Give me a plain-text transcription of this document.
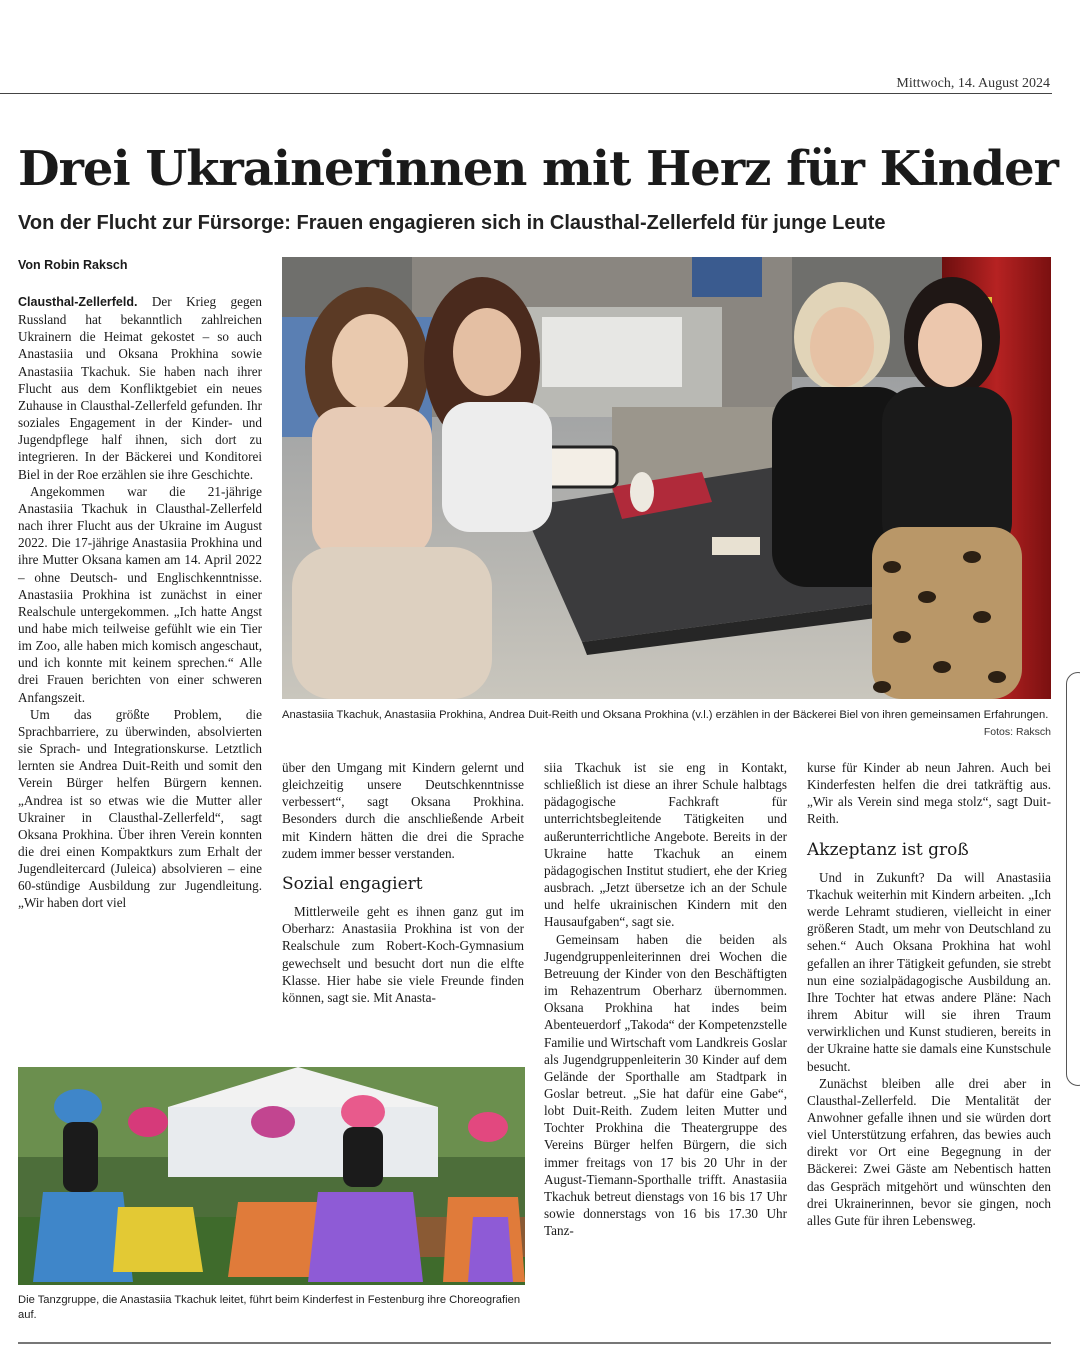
Mittwoch, 14. August 2024
Drei Ukrainerinnen mit Herz für Kinder
Von der Flucht zur Fürsorge: Frauen engagieren sich in Clausthal-Zellerfeld für junge Leute
Von Robin Raksch

Clausthal-Zellerfeld. Der Krieg gegen Russland hat bekanntlich zahlreichen Ukrainern die Heimat gekostet – so auch Anastasiia und Oksana Prokhina sowie Anastasiia Tkachuk. Sie haben nach ihrer Flucht aus dem Konfliktgebiet ein neues Zuhause in Clausthal-Zellerfeld gefunden. Ihr soziales Engagement in der Kinder- und Jugendpflege half ihnen, sich dort zu integrieren. In der Bäckerei und Konditorei Biel in der Roe erzählen sie ihre Geschichte.

Angekommen war die 21-jährige Anastasiia Tkachuk in Clausthal-Zellerfeld nach ihrer Flucht aus der Ukraine im August 2022. Die 17-jährige Anastasiia Prokhina und ihre Mutter Oksana kamen am 14. April 2022 – ohne Deutsch- und Englischkenntnisse. Anastasiia Prokhina ist zunächst in einer Realschule untergekommen. „Ich hatte Angst und habe mich teilweise gefühlt wie ein Tier im Zoo, alle haben mich komisch angeschaut, und ich konnte mit keinem sprechen.“ Alle drei Frauen berichten von einer schweren Anfangszeit.

Um das größte Problem, die Sprachbarriere, zu überwinden, absolvierten sie Sprach- und Integrationskurse. Letztlich lernten sie Andrea Duit-Reith und somit den Verein Bürger helfen Bürgern kennen. „Andrea ist so etwas wie die Mutter aller Ukrainer in Clausthal-Zellerfeld“, sagt Oksana Prokhina. Über ihren Verein konnten die drei einen Kompaktkurs zum Erhalt der Jugendleitercard (Juleica) absolvieren – eine 60-stündige Ausbildung zur Jugendleitung. „Wir haben dort viel

Anastasiia Tkachuk, Anastasiia Prokhina, Andrea Duit-Reith und Oksana Prokhina (v.l.) erzählen in der Bäckerei Biel von ihren gemeinsamen Erfahrungen.
Fotos: Raksch

über den Umgang mit Kindern gelernt und gleichzeitig unsere Deutschkenntnisse verbessert“, sagt Oksana Prokhina. Besonders durch die anschließende Arbeit mit Kindern hätten die drei die Sprache zudem immer besser verstanden.

Sozial engagiert

Mittlerweile geht es ihnen ganz gut im Oberharz: Anastasiia Prokhina ist von der Realschule zum Robert-Koch-Gymnasium gewechselt und besucht dort nun die elfte Klasse. Hier habe sie viele Freunde finden können, sagt sie. Mit Anasta-

siia Tkachuk ist sie eng in Kontakt, schließlich ist diese an ihrer Schule halbtags pädagogische Fachkraft für unterrichtsbegleitende Tätigkeiten und außerunterrichtliche Angebote. Bereits in der Ukraine hatte Tkachuk an einem pädagogischen Institut studiert, ehe der Krieg ausbrach. „Jetzt übersetze ich an der Schule und helfe ukrainischen Kindern mit den Hausaufgaben“, sagt sie.

Gemeinsam haben die beiden als Jugendgruppenleiterinnen drei Wochen die Betreuung der Kinder von den Beschäftigten im Rehazentrum Oberharz übernommen. Oksana Prokhina hat indes beim Abenteuerdorf „Takoda“ der Kompetenzstelle Familie und Wirtschaft vom Landkreis Goslar als Jugendgruppenleiterin 30 Kinder auf dem Gelände der Sporthalle am Stadtpark in Goslar betreut. „Sie hat dafür eine Gabe“, lobt Duit-Reith. Zudem leiten Mutter und Tochter Prokhina die Theatergruppe des Vereins Bürger helfen Bürgern, die sich immer freitags von 17 bis 20 Uhr in der August-Tiemann-Sporthalle trifft. Anastasiia Tkachuk betreut dienstags von 16 bis 17 Uhr sowie donnerstags von 16 bis 17.30 Uhr Tanz-

kurse für Kinder ab neun Jahren. Auch bei Kinderfesten helfen die drei tatkräftig aus. „Wir als Verein sind mega stolz“, sagt Duit-Reith.

Akzeptanz ist groß

Und in Zukunft? Da will Anastasiia Tkachuk weiterhin mit Kindern arbeiten. „Ich werde Lehramt studieren, vielleicht in einer größeren Stadt, um mehr von Deutschland zu sehen.“ Auch Oksana Prokhina hat wohl gefallen an ihrer Tätigkeit gefunden, sie strebt nun eine sozialpädagogische Ausbildung an. Ihre Tochter hat etwas andere Pläne: Nach ihrem Abitur will sie ihren Traum verwirklichen und Kunst studieren, bereits in der Ukraine hatte sie damals eine Kunstschule besucht.

Zunächst bleiben alle drei aber in Clausthal-Zellerfeld. Die Mentalität der Anwohner gefalle ihnen und sie würden dort viel Unterstützung erfahren, das bewies auch direkt vor Ort eine Begegnung in der Bäckerei: Zwei Gäste am Nebentisch hatten das Gespräch mitgehört und wünschten den drei Ukrainerinnen, bevor sie gingen, noch alles Gute für ihren Lebensweg.

Die Tanzgruppe, die Anastasiia Tkachuk leitet, führt beim Kinderfest in Festenburg ihre Choreografien auf.
